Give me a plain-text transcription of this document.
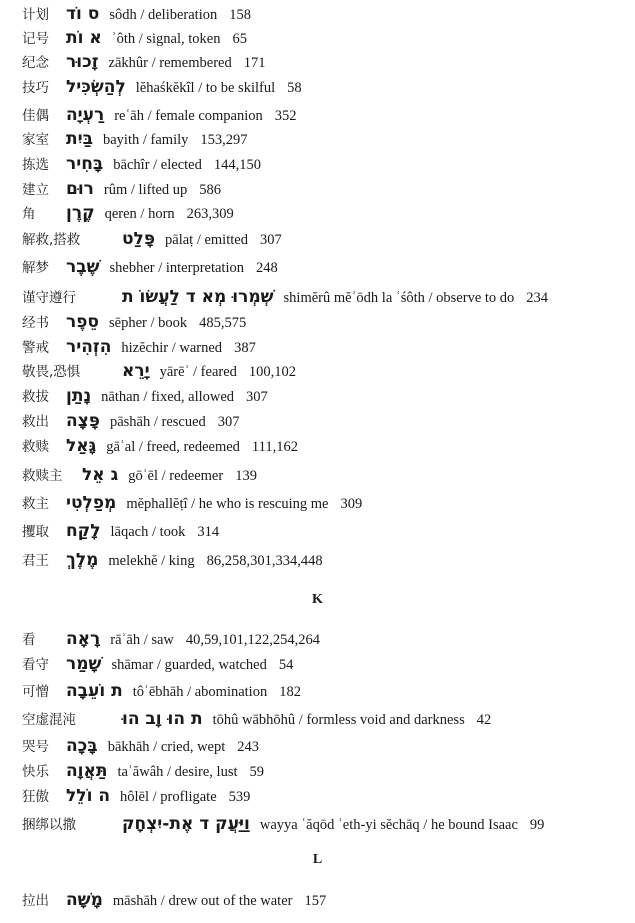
计划	ס וֹד sôdh / deliberation 158
记号	א וֹת ʾôth / signal, token 65
纪念	זָכוּר zākhûr / remembered 171
技巧	לְהַשְׂכִּיל lĕhaśkĕkîl / to be skilful 58
佳偶	רַעְיָה reʿāh / female companion 352
家室	בַּיִת bayith / family 153,297
拣选	בָּחִיר bāchîr / elected 144,150
建立	רוּם rûm / lifted up 586
角	קֶרֶן qeren / horn 263,309
解救,搭救	פָּלַט pālaṭ / emitted 307
解梦	שֶׁבֶר shebher / interpretation 248
谨守遵行	שְׁמְרוּ מְא ד לַעֲשׂוֹ ת shimĕrû mĕʾōdh la ʿśôth / observe to do 234
经书	סֵפֶר sēpher / book 485,575
警戒	הִזְהִיר hizĕchir / warned 387
敬畏,恐惧	יָרֵא yārēʾ / feared 100,102
救拔	נָתַן nāthan / fixed, allowed 307
救出	פָּצָה pāshāh / rescued 307
救赎	גָּאַל gāʿal / freed, redeemed 111,162
救赎主	ג אֵל gōʾēl / redeemer 139
救主	מְפַלְטִי mĕphallĕṭî / he who is rescuing me 309
攫取	לָקַח lāqach / took 314
君王	מֶלֶךְ melekhĕ / king 86,258,301,334,448
K
看	רָאָה rāʾāh / saw 40,59,101,122,254,264
看守	שָׁמַר shāmar / guarded, watched 54
可憎	ת וֹעֵבָה tôʿēbhāh / abomination 182
空虚混沌	ת הוּ וָב הוּ tōhû wābhōhû / formless void and darkness 42
哭号	בָּכָה bākhāh / cried, wept 243
快乐	תַּאֲוָה taʾăwâh / desire, lust 59
狂傲	ה וֹלֵל hôlēl / profligate 539
捆绑以撒	וַיַּעֲק ד אֶת-יִצְחָק wayya ʿăqōd ʾeth-yi sĕchāq / he bound Isaac 99
L
拉出	מָשָׁה māshāh / drew out of the water 157
